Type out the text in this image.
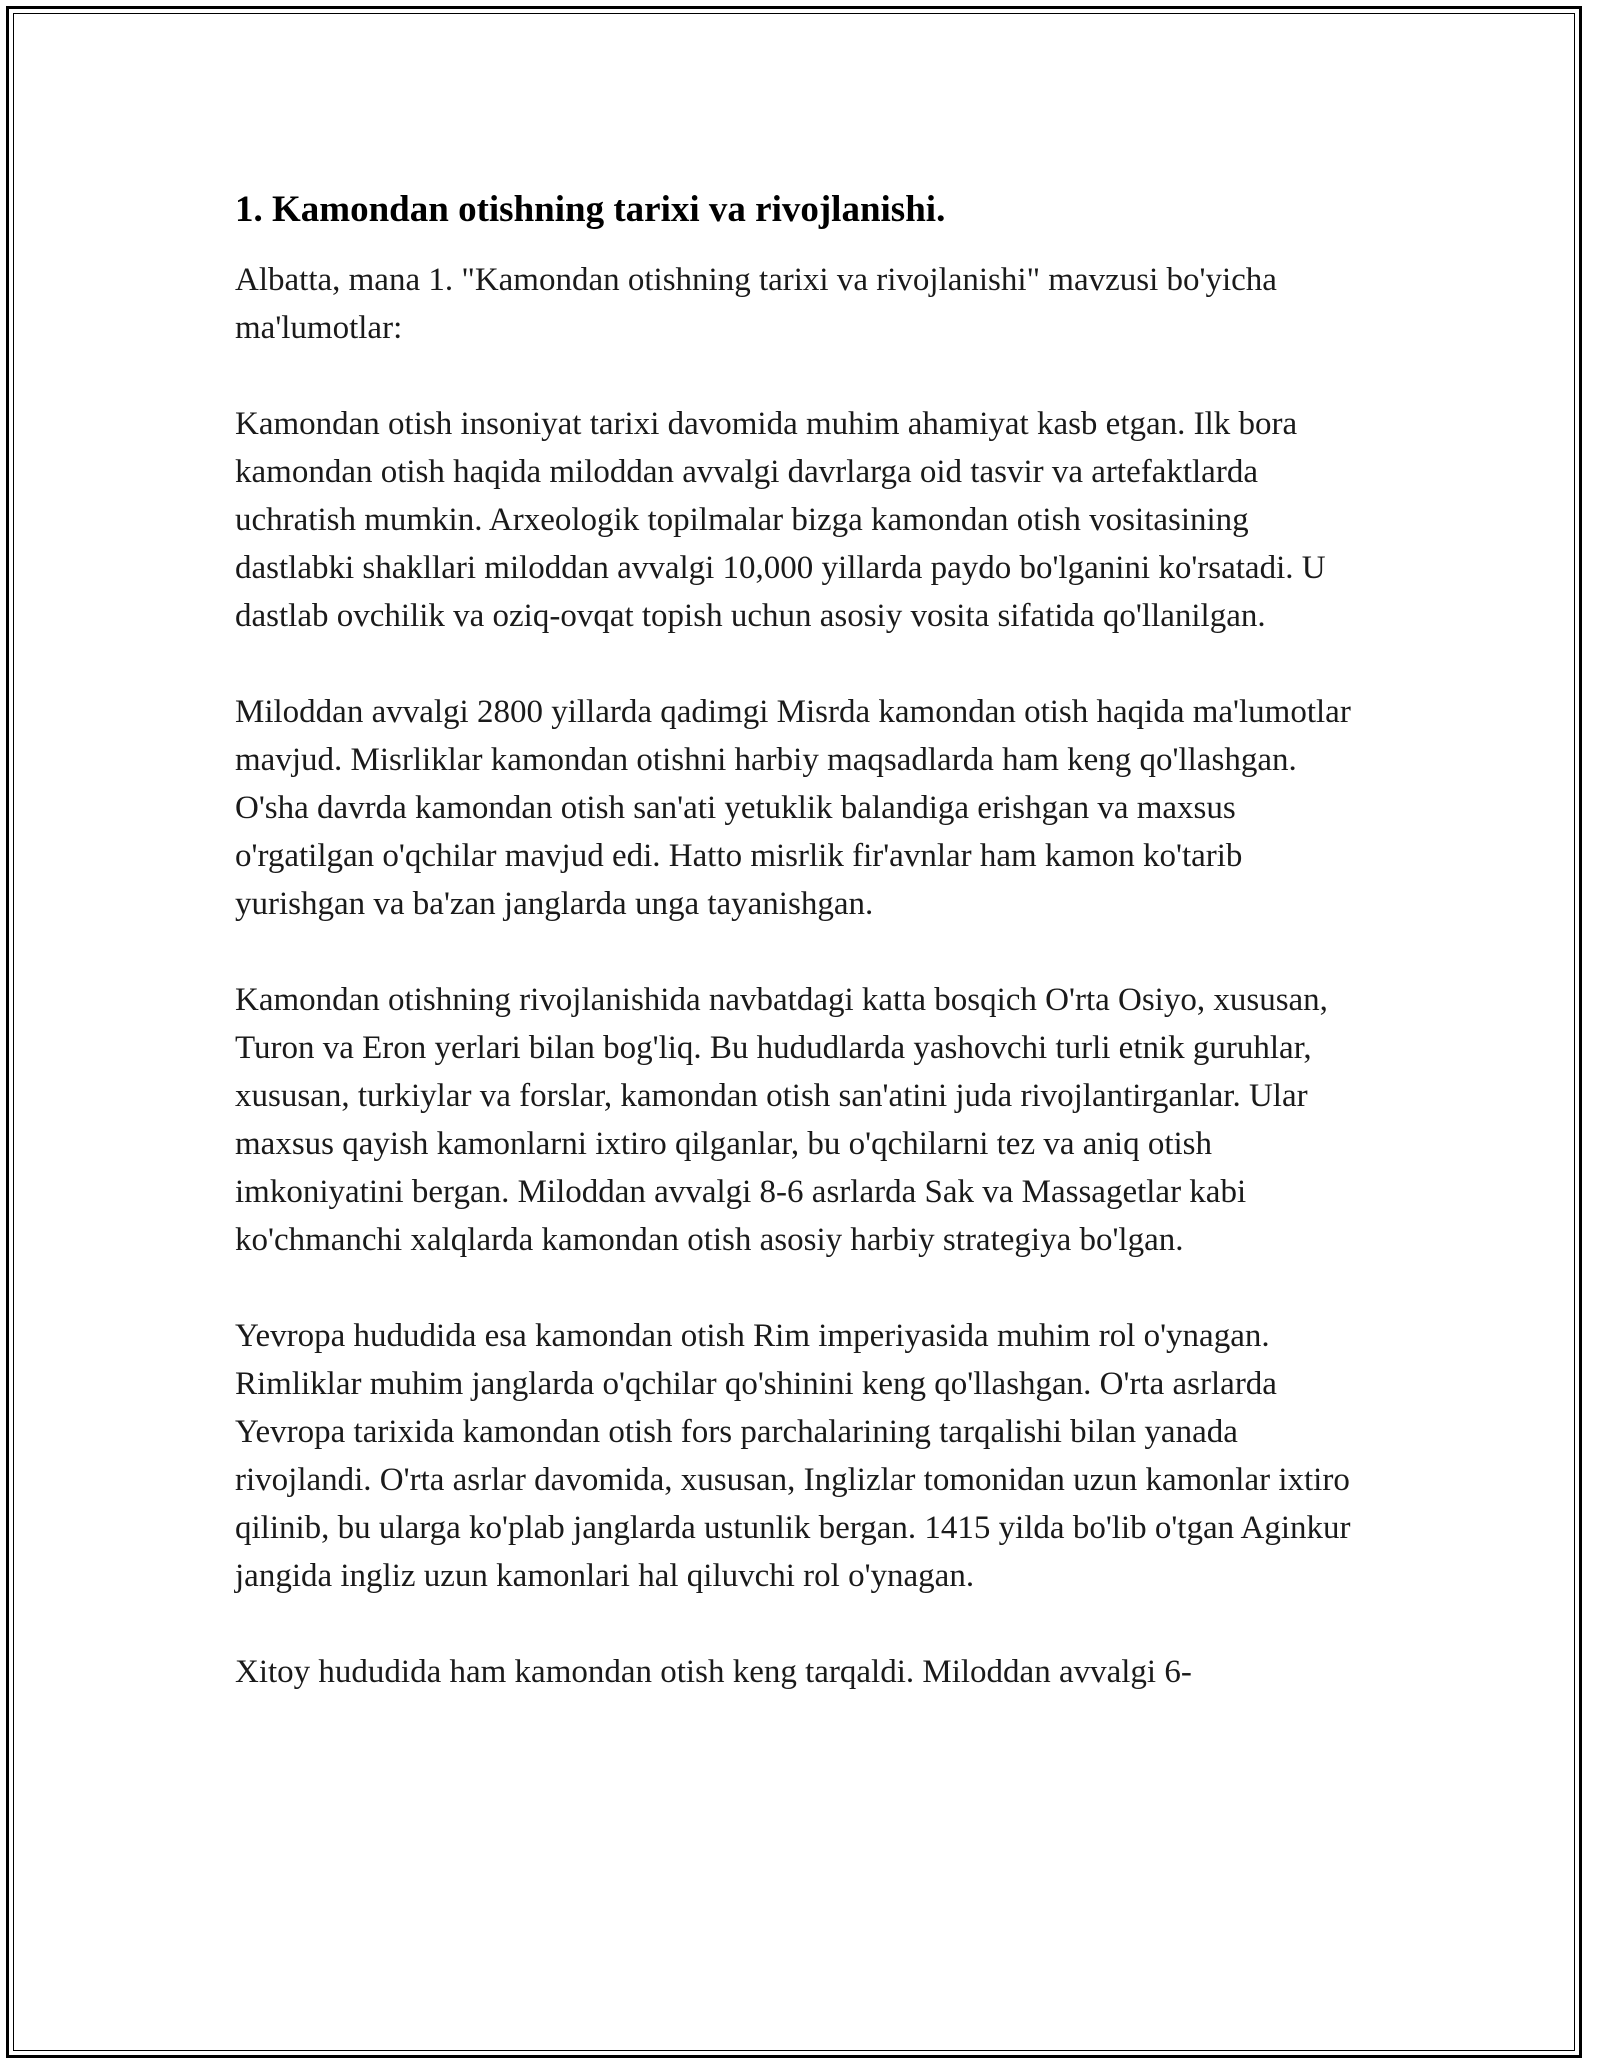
1. Kamondan otishning tarixi va rivojlanishi.

Albatta, mana 1. "Kamondan otishning tarixi va rivojlanishi" mavzusi bo'yicha ma'lumotlar:

Kamondan otish insoniyat tarixi davomida muhim ahamiyat kasb etgan. Ilk bora kamondan otish haqida miloddan avvalgi davrlarga oid tasvir va artefaktlarda uchratish mumkin. Arxeologik topilmalar bizga kamondan otish vositasining dastlabki shakllari miloddan avvalgi 10,000 yillarda paydo bo'lganini ko'rsatadi. U dastlab ovchilik va oziq-ovqat topish uchun asosiy vosita sifatida qo'llanilgan.

Miloddan avvalgi 2800 yillarda qadimgi Misrda kamondan otish haqida ma'lumotlar mavjud. Misrliklar kamondan otishni harbiy maqsadlarda ham keng qo'llashgan. O'sha davrda kamondan otish san'ati yetuklik balandiga erishgan va maxsus o'rgatilgan o'qchilar mavjud edi. Hatto misrlik fir'avnlar ham kamon ko'tarib yurishgan va ba'zan janglarda unga tayanishgan.

Kamondan otishning rivojlanishida navbatdagi katta bosqich O'rta Osiyo, xususan, Turon va Eron yerlari bilan bog'liq. Bu hududlarda yashovchi turli etnik guruhlar, xususan, turkiylar va forslar, kamondan otish san'atini juda rivojlantirganlar. Ular maxsus qayish kamonlarni ixtiro qilganlar, bu o'qchilarni tez va aniq otish imkoniyatini bergan. Miloddan avvalgi 8-6 asrlarda Sak va Massagetlar kabi ko'chmanchi xalqlarda kamondan otish asosiy harbiy strategiya bo'lgan.

Yevropa hududida esa kamondan otish Rim imperiyasida muhim rol o'ynagan. Rimliklar muhim janglarda o'qchilar qo'shinini keng qo'llashgan. O'rta asrlarda Yevropa tarixida kamondan otish fors parchalarining tarqalishi bilan yanada rivojlandi. O'rta asrlar davomida, xususan, Inglizlar tomonidan uzun kamonlar ixtiro qilinib, bu ularga ko'plab janglarda ustunlik bergan. 1415 yilda bo'lib o'tgan Aginkur jangida ingliz uzun kamonlari hal qiluvchi rol o'ynagan.

Xitoy hududida ham kamondan otish keng tarqaldi. Miloddan avvalgi 6-
